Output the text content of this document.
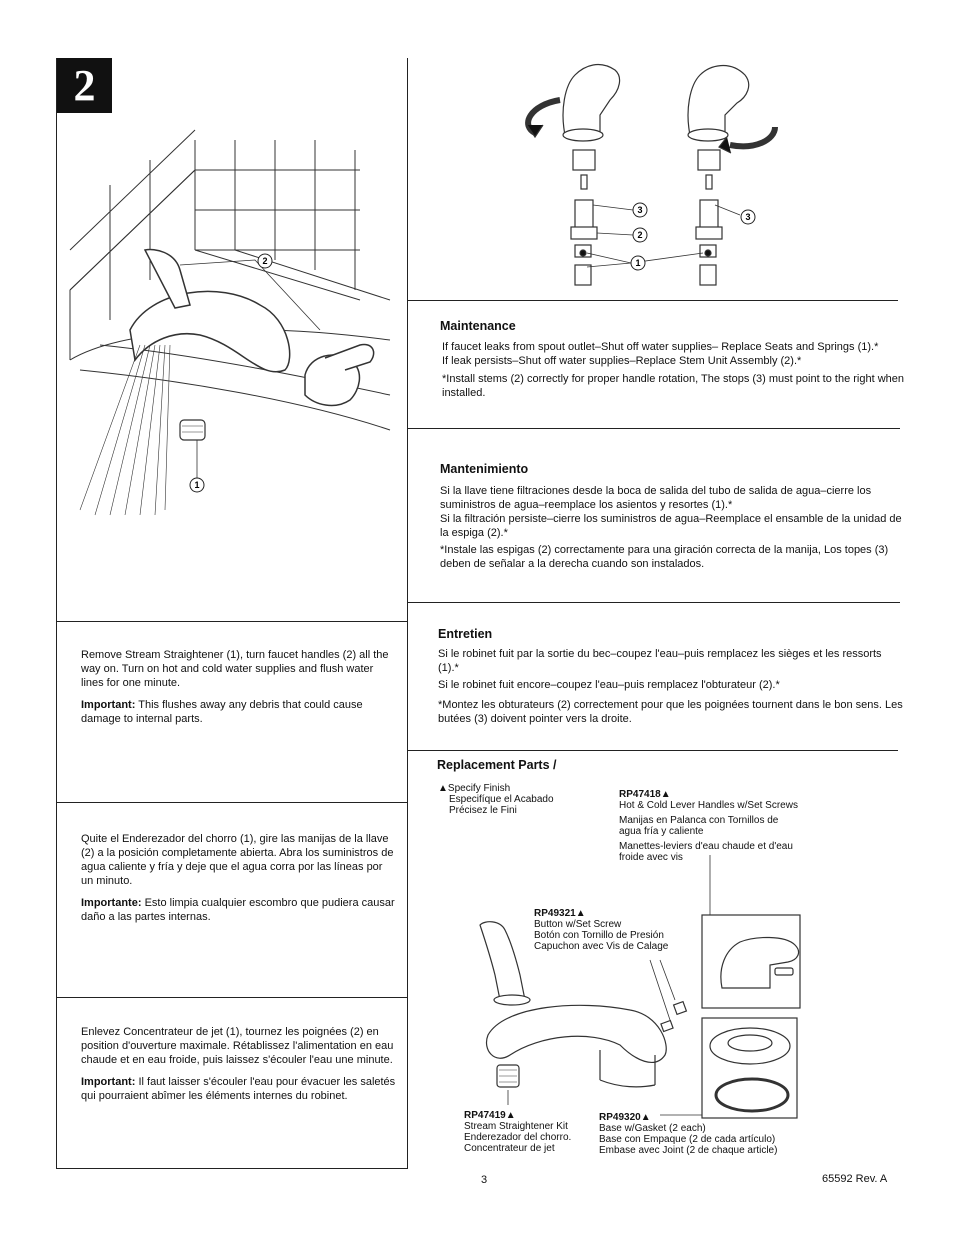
2
2
1
3
2
1
3

Remove Stream Straightener (1), turn faucet handles (2) all the way on. Turn on hot and cold water supplies and flush water lines for one minute.

Important: This flushes away any debris that could cause damage to internal parts.

Quite el Enderezador del chorro (1), gire las manijas de la llave (2) a la posición completamente abierta. Abra los suministros de agua caliente y fría y deje que el agua corra por las líneas por un minuto.

Importante: Esto limpia cualquier escombro que pudiera causar daño a las partes internas.

Enlevez Concentrateur de jet (1), tournez les poignées (2) en position d'ouverture maximale. Rétablissez l'alimentation en eau chaude et en eau froide, puis laissez s'écouler l'eau une minute.

Important: Il faut laisser s'écouler l'eau pour évacuer les saletés qui pourraient abîmer les éléments internes du robinet.

Maintenance
If faucet leaks from spout outlet–Shut off water supplies– Replace Seats and Springs (1).*
If leak persists–Shut off water supplies–Replace Stem Unit Assembly (2).*
*Install stems (2) correctly for proper handle rotation, The stops (3) must point to the right when installed.
Mantenimiento
Si la llave tiene filtraciones desde la boca de salida del tubo de salida de agua–cierre los suministros de agua–reemplace los asientos y resortes (1).*
Si la filtración persiste–cierre los suministros de agua–Reemplace el ensamble de la unidad de la espiga (2).*
*Instale las espigas (2) correctamente para una giración correcta de la manija, Los topes (3) deben de señalar a la derecha cuando son instalados.
Entretien
Si le robinet fuit par la sortie du bec–coupez l'eau–puis remplacez les sièges et les ressorts (1).*
Si le robinet fuit encore–coupez l'eau–puis remplacez l'obturateur (2).*
*Montez les obturateurs (2) correctement pour que les poignées tournent dans le bon sens. Les butées (3) doivent pointer vers la droite.
Replacement Parts /
▲Specify Finish
Especifíque el Acabado
Précisez le Fini
RP47418▲
Hot & Cold Lever Handles w/Set Screws
Manijas en Palanca con Tornillos de agua fría y caliente
Manettes-leviers d'eau chaude et d'eau froide avec vis
RP49321▲
Button w/Set Screw
Botón con Tornillo de Presión
Capuchon avec Vis de Calage
RP47419▲
Stream Straightener Kit
Enderezador del chorro.
Concentrateur de jet
RP49320▲
Base w/Gasket (2 each)
Base con Empaque (2 de cada artículo)
Embase avec Joint (2 de chaque article)
3	65592 Rev. A
